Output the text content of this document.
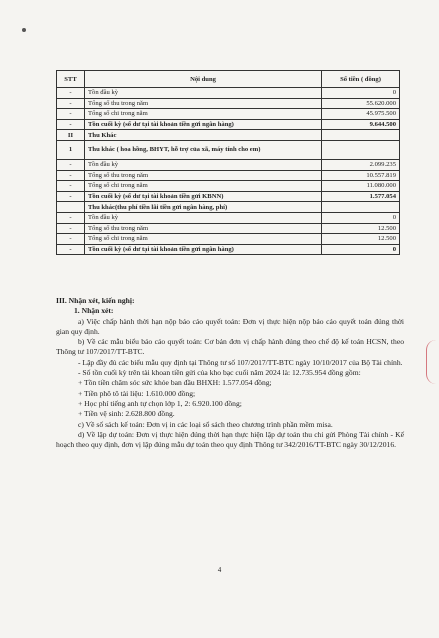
STT	Nội dung	Số tiền ( đồng)
-	Tồn đầu kỳ	0
-	Tổng số thu trong năm	55.620.000
-	Tổng số chi trong năm	45.975.500
-	Tồn cuối kỳ (số dư tại tài khoản tiền gửi ngân hàng)	9.644.500
II	Thu Khác	
1	Thu khác ( hoa hồng, BHYT, hỗ trợ của xã, máy tính cho em)	
-	Tồn đầu kỳ	2.099.235
-	Tổng số thu trong năm	10.557.819
-	Tổng số chi trong năm	11.080.000
-	Tồn cuối kỳ (số dư tại tài khoản tiền gửi KBNN)	1.577.054
	Thu khác(thu phí tiền lãi tiền gửi ngân hàng, phí)	
-	Tồn đầu kỳ	0
-	Tổng số thu trong năm	12.500
-	Tổng số chi trong năm	12.500
-	Tồn cuối kỳ (số dư tại tài khoản tiền gửi ngân hàng)	0

III. Nhận xét, kiến nghị:

1. Nhận xét:

a) Việc chấp hành thời hạn nộp báo cáo quyết toán: Đơn vị thực hiện nộp báo cáo quyết toán đúng thời gian quy định.

b) Về các mẫu biểu báo cáo quyết toán: Cơ bản đơn vị chấp hành đúng theo chế độ kế toán HCSN, theo Thông tư 107/2017/TT-BTC.

- Lập đầy đủ các biểu mẫu quy định tại Thông tư số 107/2017/TT-BTC ngày 10/10/2017 của Bộ Tài chính.

- Số tồn cuối kỳ trên tài khoan tiền gửi của kho bạc cuối năm 2024 là: 12.735.954 đồng gồm:

+ Tồn tiền chăm sóc sức khỏe ban đầu BHXH: 1.577.054 đồng;

+ Tiền phô tô tài liệu: 1.610.000 đồng;

+ Học phí tiếng anh tự chọn lớp 1, 2: 6.920.100 đồng;

+ Tiền vệ sinh: 2.628.800 đồng.

c) Về số sách kế toán: Đơn vị in các loại sổ sách theo chương trình phần mềm misa.

d) Về lập dự toán: Đơn vị thực hiện đúng thời hạn thực hiện lập dự toán thu chi gửi Phòng Tài chính - Kế hoạch theo quy định, đơn vị lập đúng mẫu dự toán theo quy định Thông tư 342/2016/TT-BTC ngày 30/12/2016.

4
